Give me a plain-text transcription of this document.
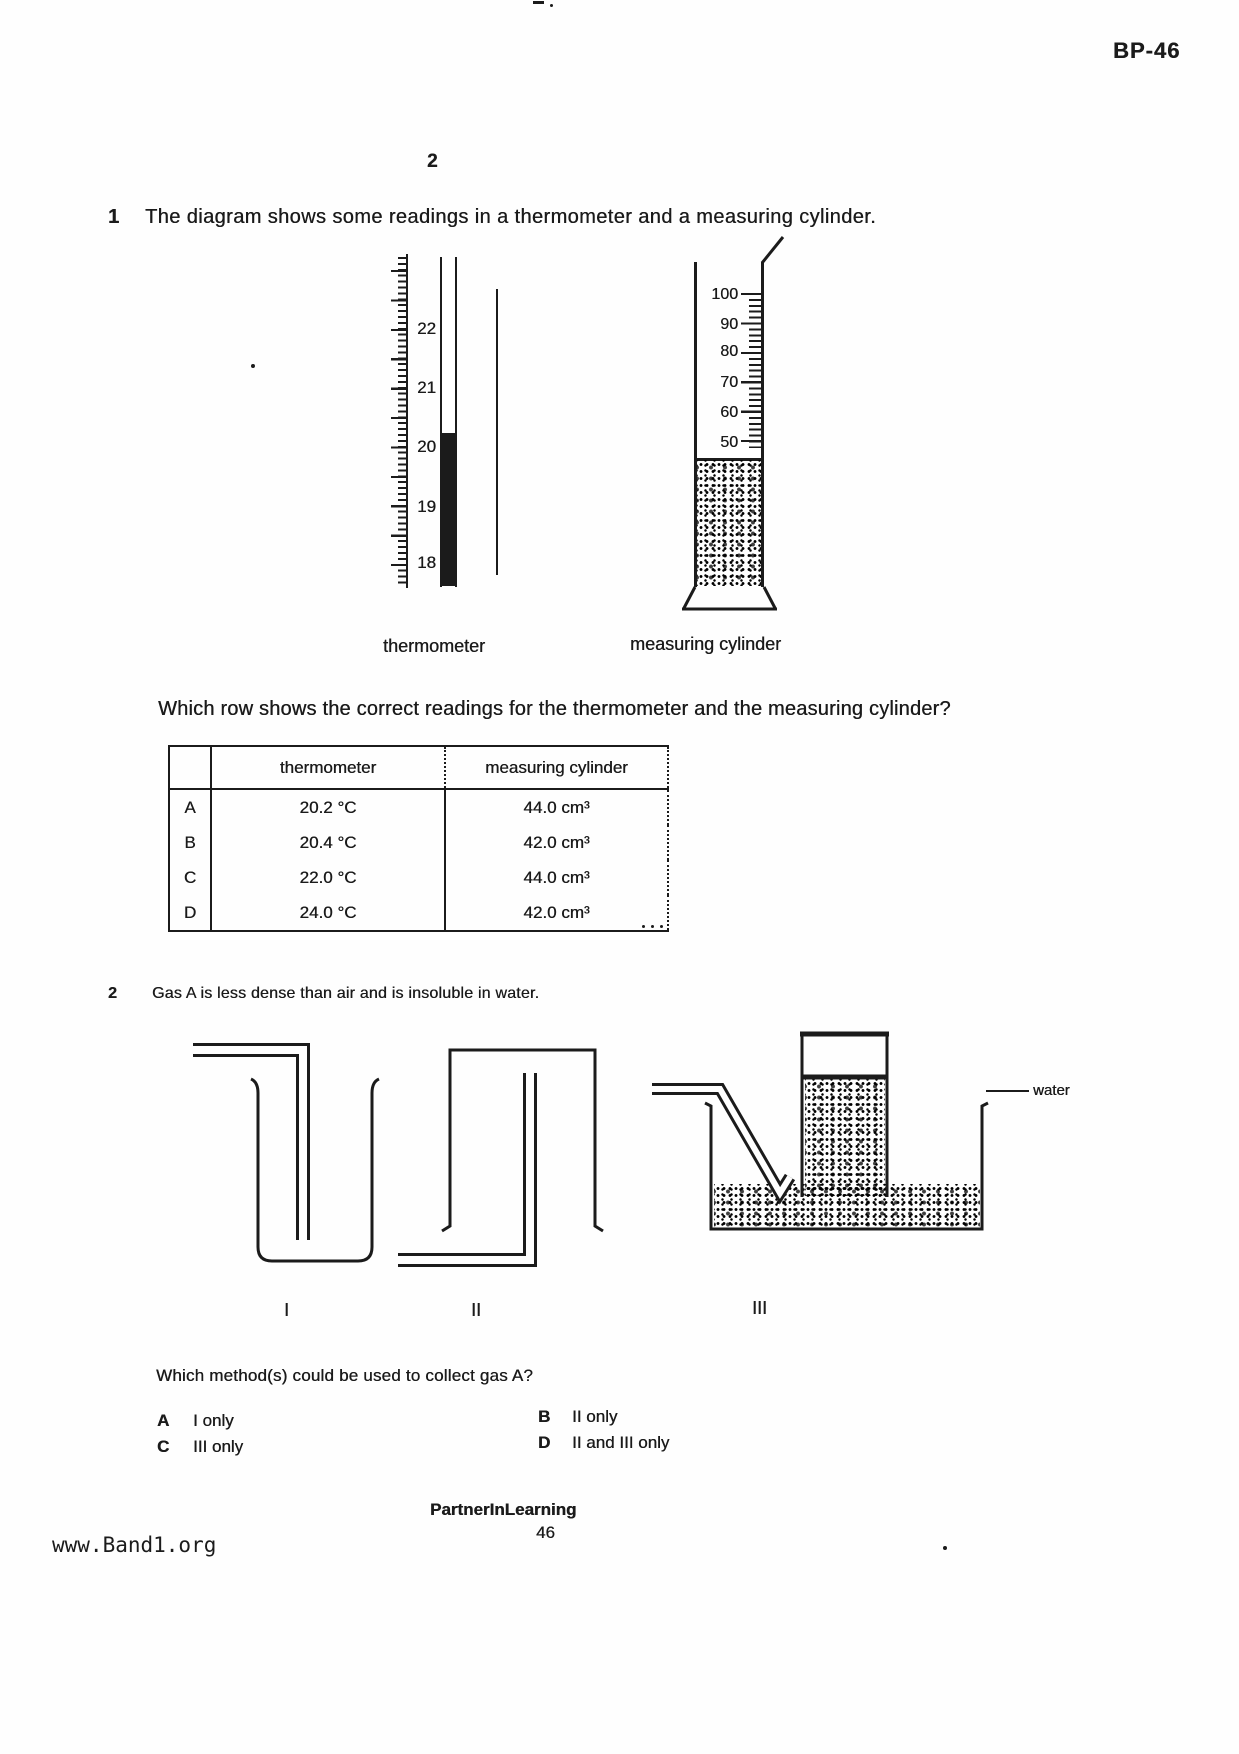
BP-46
2
1 The diagram shows some readings in a thermometer and a measuring cylinder.
22
21
20
19
18
100
90
80
70
60
50
thermometer	measuring cylinder
Which row shows the correct readings for the thermometer and the measuring cylinder?
	thermometer	measuring cylinder
A	20.2 °C	44.0 cm³
B	20.4 °C	42.0 cm³
C	22.0 °C	44.0 cm³
D	24.0 °C	42.0 cm³
2 Gas A is less dense than air and is insoluble in water.
water
I	II	III
Which method(s) could be used to collect gas A?
A I only	B II only
C III only	D II and III only
PartnerInLearning
46
www.Band1.org
